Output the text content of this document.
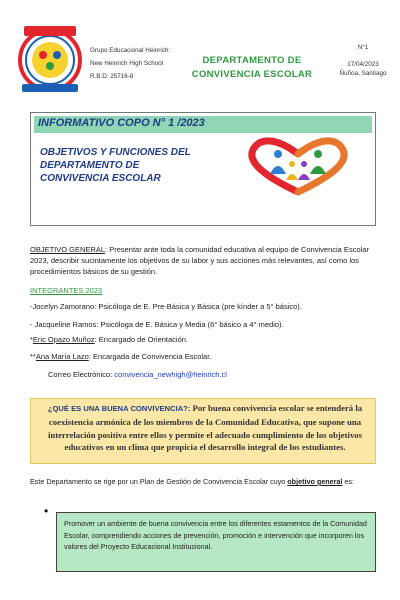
Grupo Educacional Heinrich:
New Heinrich High School
R.B.D: 25716-8
DEPARTAMENTO DE
CONVIVENCIA ESCOLAR
N°1
17/04/2023
Ñuñoa, Santiago
INFORMATIVO COPO N° 1 /2023
OBJETIVOS Y FUNCIONES DEL
DEPARTAMENTO DE
CONVIVENCIA ESCOLAR
OBJETIVO GENERAL: Presentar ante toda la comunidad educativa al equipo de Convivencia Escolar 2023, describir sucintamente los objetivos de su labor y sus acciones más relevantes, así como los procedimientos básicos de su gestión.
INTEGRANTES 2023
-Jocelyn Zamorano: Psicóloga de E. Pre-Básica y Básica (pre kínder a 5° básico).
- Jacqueline Ramos: Psicóloga de E. Básica y Media (6° básico a 4° medio).
*Eric Opazo Muñoz: Encargado de Orientación.
**Ana María Lazo: Encargada de Convivencia Escolar.
Correo Electrónico: convivencia_newhigh@heinrich.cl
¿QUÉ ES UNA BUENA CONVIVENCIA?: Por buena convivencia escolar se entenderá la coexistencia armónica de los miembros de la Comunidad Educativa, que supone una interrelación positiva entre ellos y permite el adecuado cumplimiento de los objetivos educativos en un clima que propicia el desarrollo integral de los estudiantes.
Este Departamento se rige por un Plan de Gestión de Convivencia Escolar cuyo objetivo general es:
•
Promover un ambiente de buena convivencia entre los diferentes estamentos de la Comunidad Escolar, comprendiendo acciones de prevención, promoción e intervención que incorporen los valores del Proyecto Educacional Institucional.
